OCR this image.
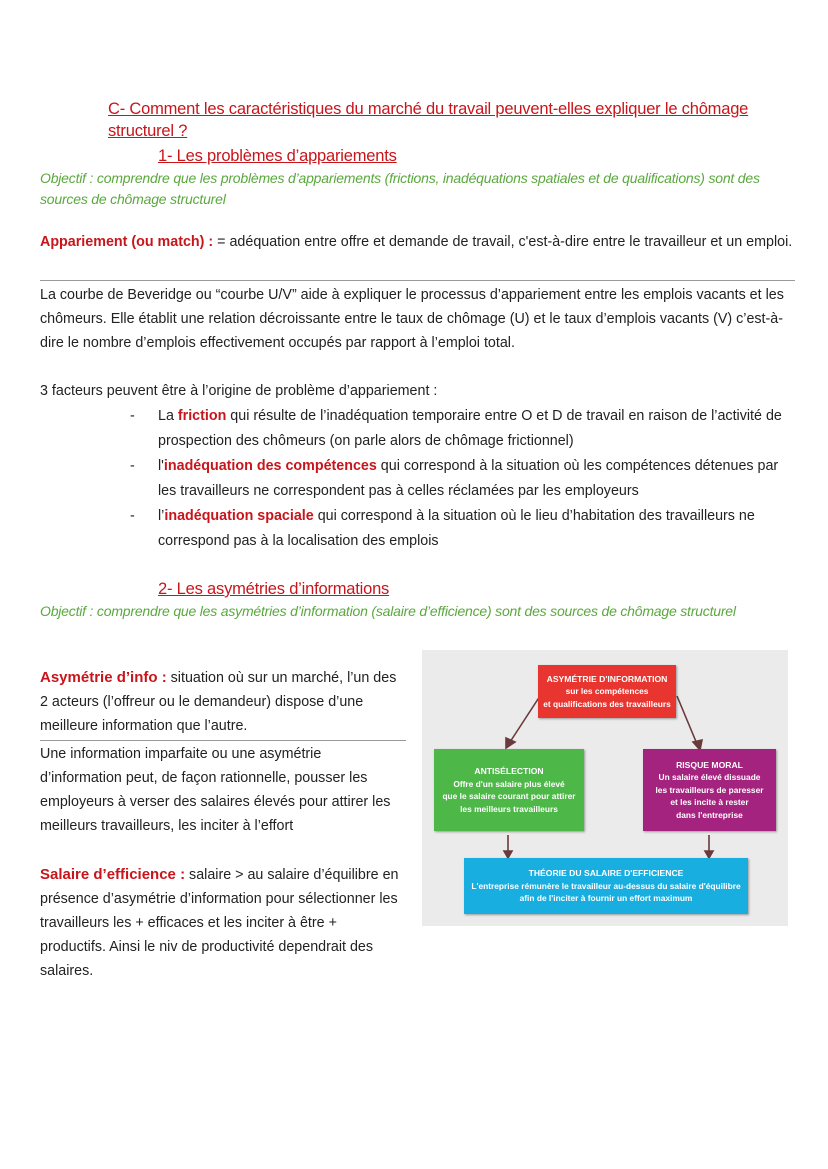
C- Comment les caractéristiques du marché du travail peuvent-elles expliquer le chômage structurel ?
1- Les problèmes d’appariements
Objectif : comprendre que les problèmes d’appariements (frictions, inadéquations spatiales et de qualifications) sont des sources de chômage structurel
Appariement (ou match) : = adéquation entre offre et demande de travail, c'est-à-dire entre le travailleur et un emploi.
La courbe de Beveridge ou “courbe U/V” aide à expliquer le processus d’appariement entre les emplois vacants et les chômeurs. Elle établit une relation décroissante entre le taux de chômage (U) et le taux d’emplois vacants (V) c’est-à-dire le nombre d’emplois effectivement occupés par rapport à l’emploi total.
3 facteurs peuvent être à l’origine de problème d’appariement :
- La friction qui résulte de l’inadéquation temporaire entre O et D de travail en raison de l’activité de prospection des chômeurs (on parle alors de chômage frictionnel)
- l'inadéquation des compétences qui correspond à la situation où les compétences détenues par les travailleurs ne correspondent pas à celles réclamées par les employeurs
- l’inadéquation spaciale qui correspond à la situation où le lieu d’habitation des travailleurs ne correspond pas à la localisation des emplois
2- Les asymétries d’informations
Objectif : comprendre que les asymétries d’information (salaire d’efficience) sont des sources de chômage structurel
Asymétrie d’info : situation où sur un marché, l’un des 2 acteurs (l’offreur ou le demandeur) dispose d’une meilleure information que l’autre.
Une information imparfaite ou une asymétrie d’information peut, de façon rationnelle, pousser les employeurs à verser des salaires élevés pour attirer les meilleurs travailleurs, les inciter à l’effort
Salaire d’efficience : salaire > au salaire d’équilibre en présence d’asymétrie d’information pour sélectionner les travailleurs les + efficaces et les inciter à être + productifs. Ainsi le niv de productivité dependrait des salaires.
ASYMÉTRIE D'INFORMATION
sur les compétences
et qualifications des travailleurs
ANTISÉLECTION
Offre d'un salaire plus élevé
que le salaire courant pour attirer
les meilleurs travailleurs
RISQUE MORAL
Un salaire élevé dissuade
les travailleurs de paresser
et les incite à rester
dans l'entreprise
THÉORIE DU SALAIRE D'EFFICIENCE
L'entreprise rémunère le travailleur au-dessus du salaire d'équilibre
afin de l'inciter à fournir un effort maximum
